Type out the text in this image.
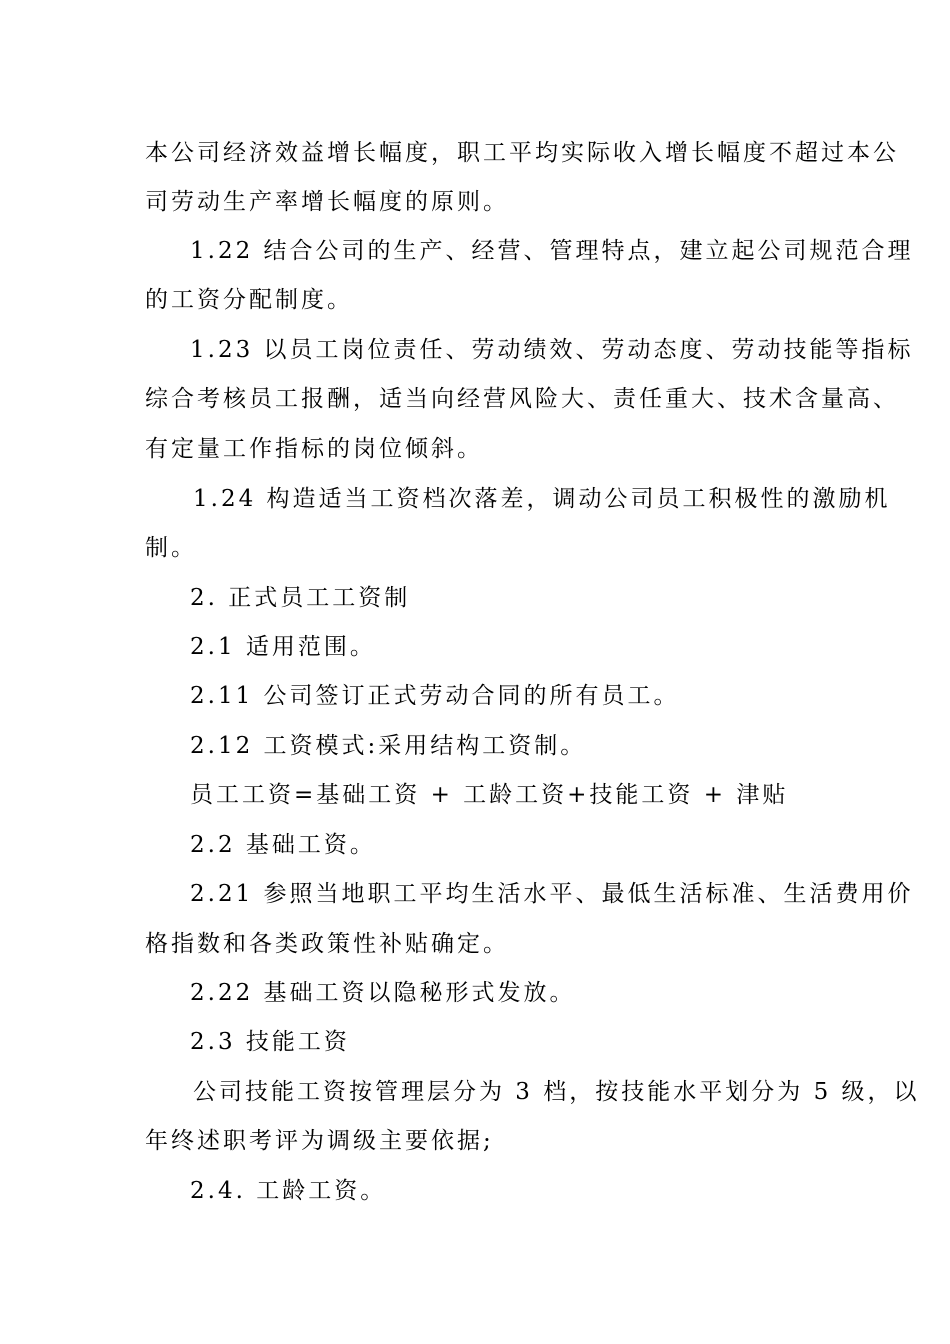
本公司经济效益增长幅度，职工平均实际收入增长幅度不超过本公
司劳动生产率增长幅度的原则。
1.22 结合公司的生产、经营、管理特点，建立起公司规范合理
的工资分配制度。
1.23 以员工岗位责任、劳动绩效、劳动态度、劳动技能等指标
综合考核员工报酬，适当向经营风险大、责任重大、技术含量高、
有定量工作指标的岗位倾斜。
1.24 构造适当工资档次落差，调动公司员工积极性的激励机
制。
2. 正式员工工资制
2.1 适用范围。
2.11 公司签订正式劳动合同的所有员工。
2.12 工资模式:采用结构工资制。
员工工资=基础工资 + 工龄工资+技能工资 + 津贴
2.2 基础工资。
2.21 参照当地职工平均生活水平、最低生活标准、生活费用价
格指数和各类政策性补贴确定。
2.22 基础工资以隐秘形式发放。
2.3 技能工资
公司技能工资按管理层分为 3 档，按技能水平划分为 5 级，以
年终述职考评为调级主要依据;
2.4. 工龄工资。
